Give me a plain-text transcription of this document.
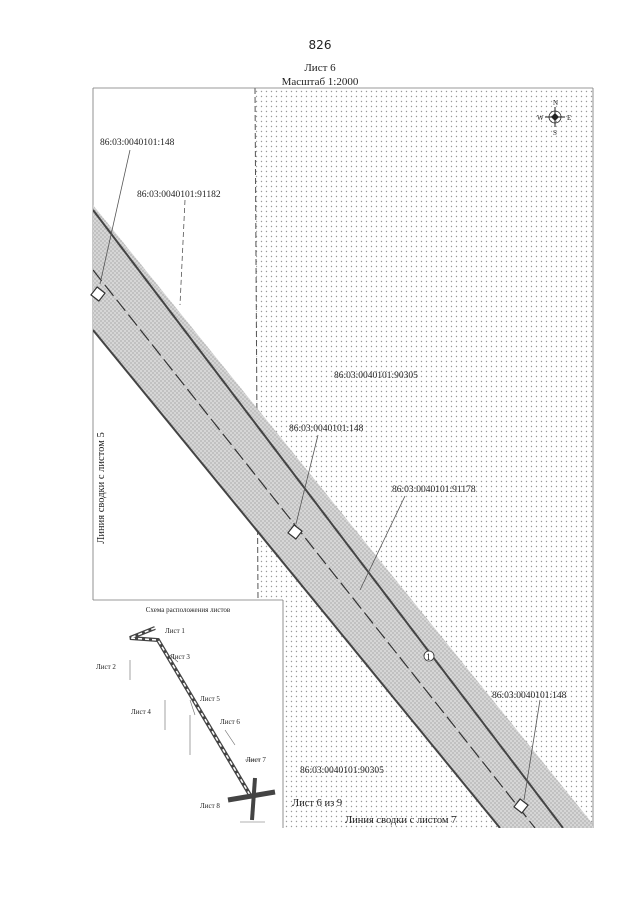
826
Лист 6
Масштаб 1:2000
1
86:03:0040101:148
86:03:0040101:91182
86:03:0040101:90305
86:03:0040101:148
86:03:0040101:91178
86:03:0040101:148
86:03:0040101:90305
Линия сводки с листом 5
Линия сводки с листом 7
Лист 6 из 9
N
S
E
W
Схема расположения листов
Лист 1
Лист 2
Лист 3
Лист 4
Лист 5
Лист 6
Лист 7
Лист 8
